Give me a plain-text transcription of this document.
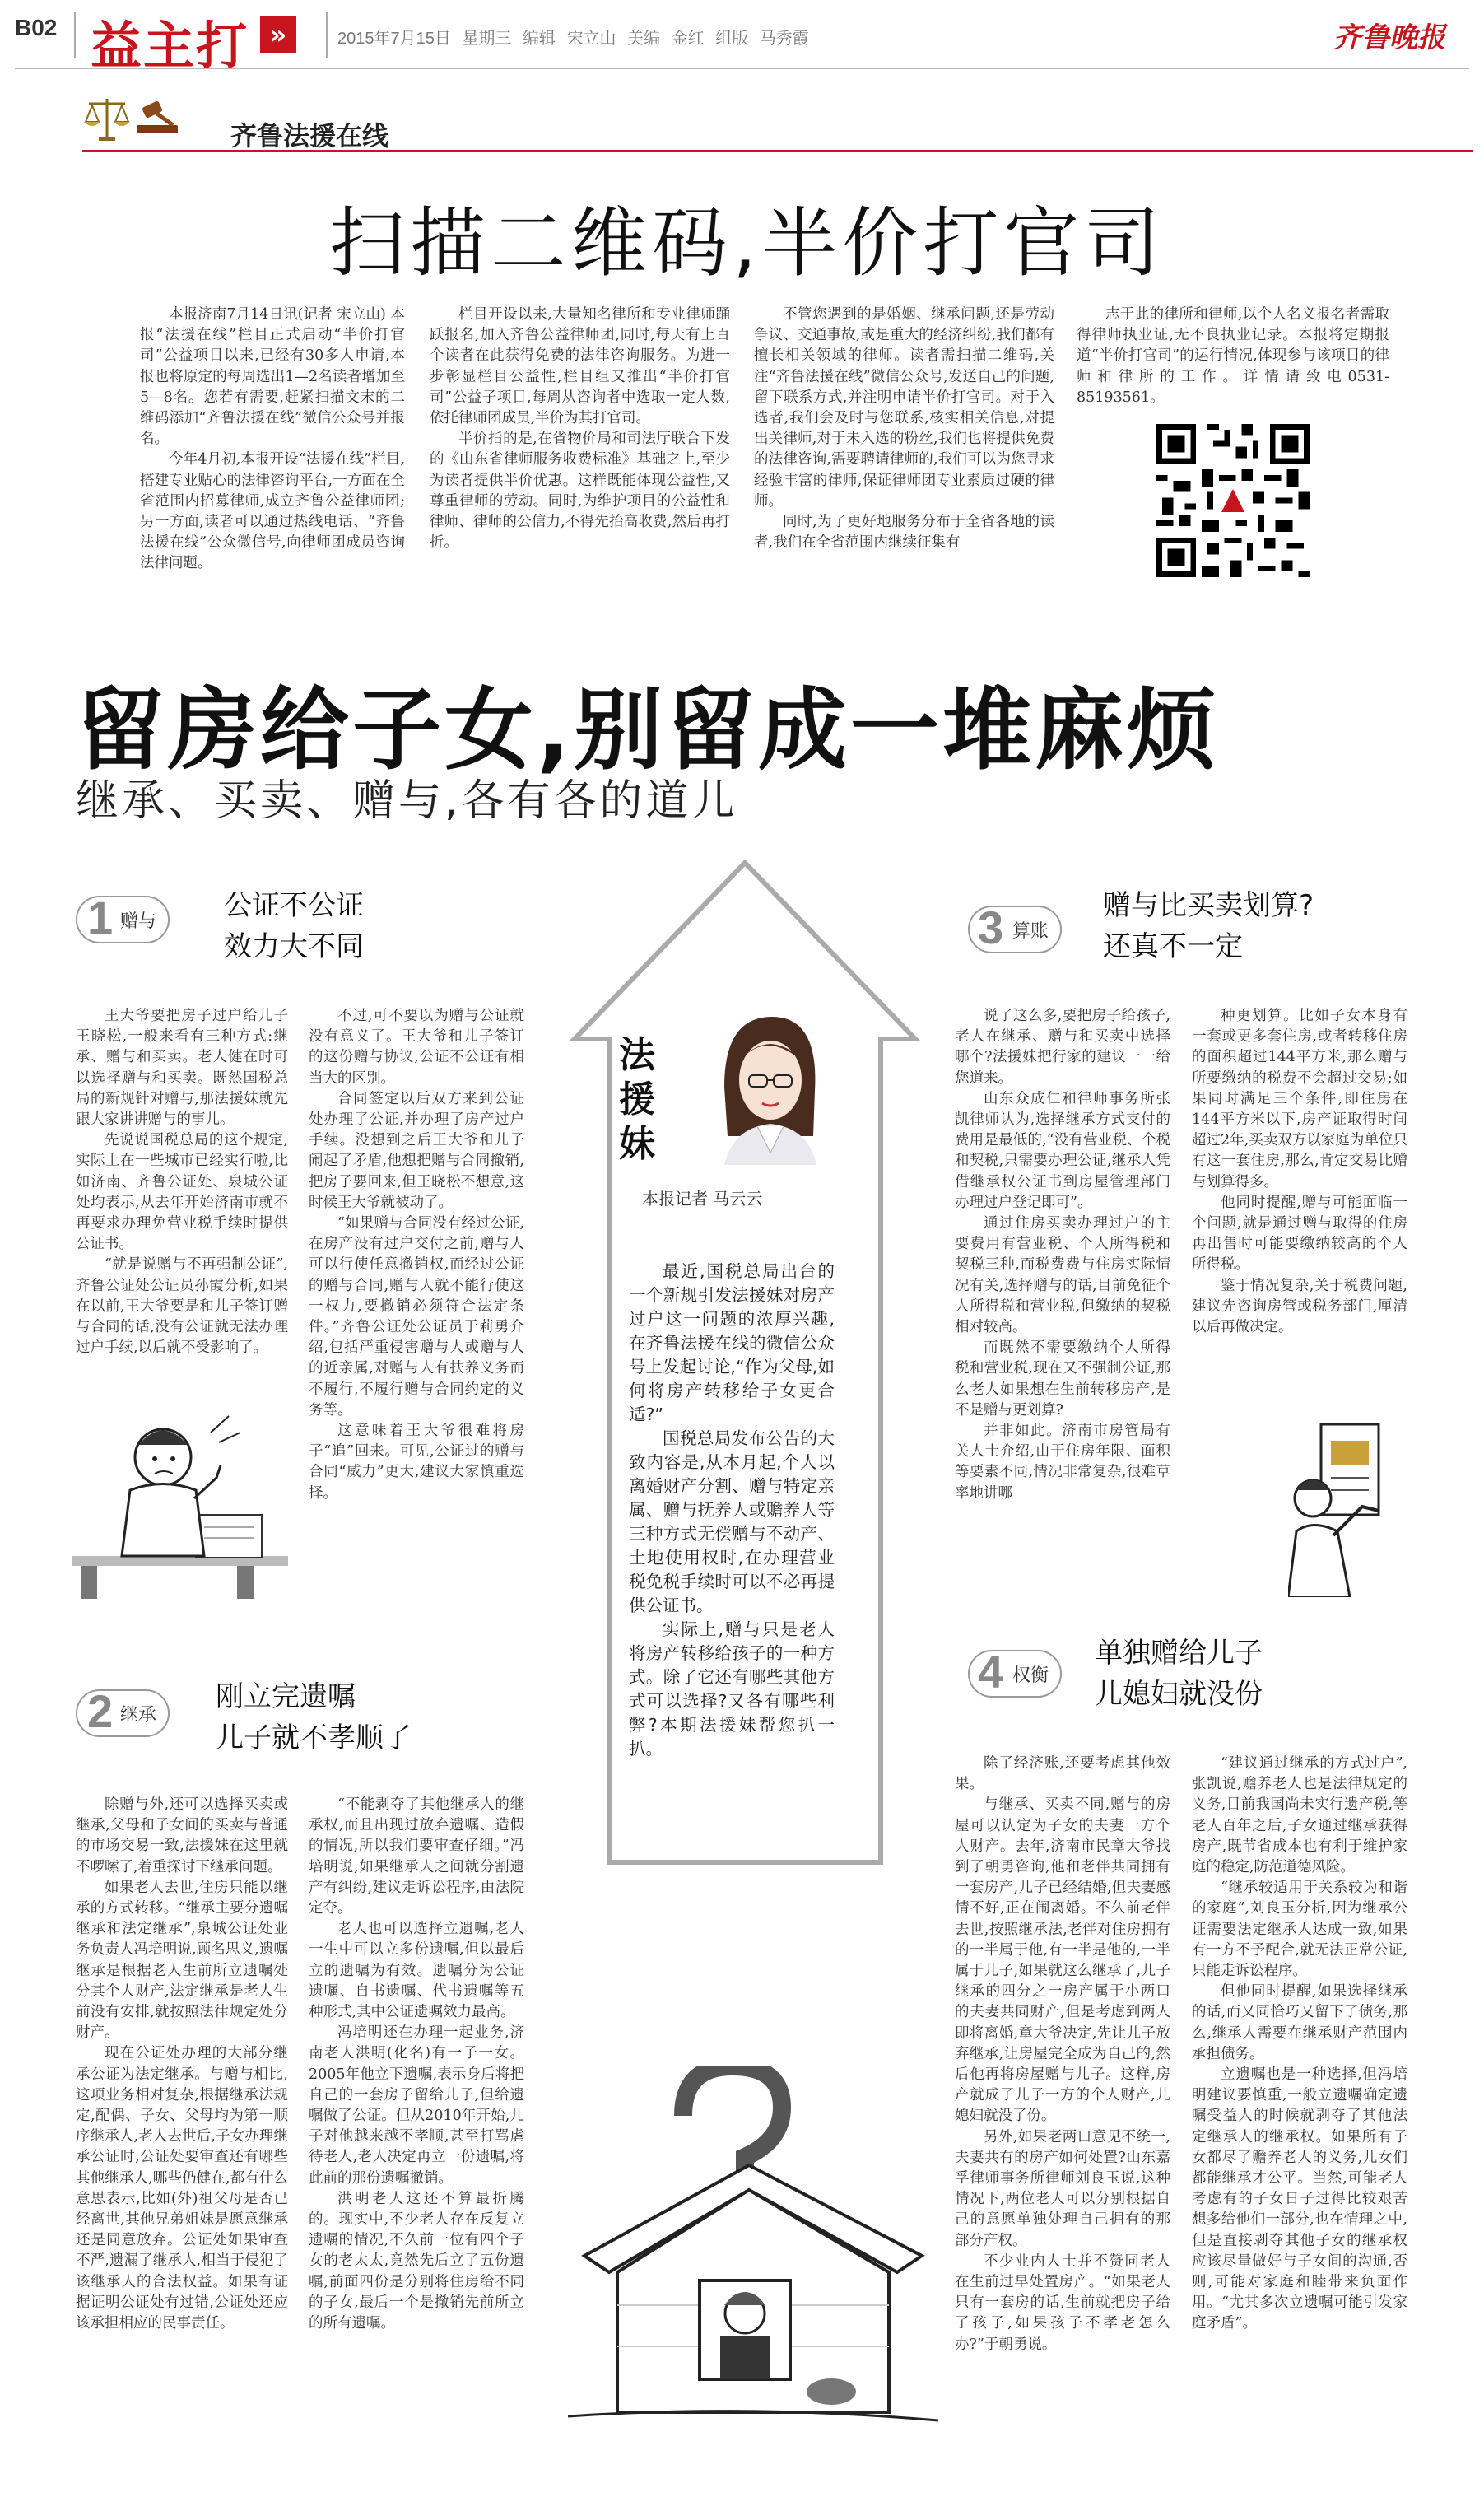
B02 益主打 »	2015年7月15日 星期三 编辑 宋立山 美编 金红 组版 马秀霞	齐鲁晚报
齐鲁法援在线
扫描二维码,半价打官司

本报济南7月14日讯(记者 宋立山) 本报“法援在线”栏目正式启动“半价打官司”公益项目以来,已经有30多人申请,本报也将原定的每周选出1—2名读者增加至5—8名。您若有需要,赶紧扫描文末的二维码添加“齐鲁法援在线”微信公众号并报名。

今年4月初,本报开设“法援在线”栏目,搭建专业贴心的法律咨询平台,一方面在全省范围内招募律师,成立齐鲁公益律师团;另一方面,读者可以通过热线电话、“齐鲁法援在线”公众微信号,向律师团成员咨询法律问题。

栏目开设以来,大量知名律所和专业律师踊跃报名,加入齐鲁公益律师团,同时,每天有上百个读者在此获得免费的法律咨询服务。为进一步彰显栏目公益性,栏目组又推出“半价打官司”公益子项目,每周从咨询者中选取一定人数,依托律师团成员,半价为其打官司。

半价指的是,在省物价局和司法厅联合下发的《山东省律师服务收费标准》基础之上,至少为读者提供半价优惠。这样既能体现公益性,又尊重律师的劳动。同时,为维护项目的公益性和律师、律师的公信力,不得先抬高收费,然后再打折。

不管您遇到的是婚姻、继承问题,还是劳动争议、交通事故,或是重大的经济纠纷,我们都有擅长相关领域的律师。读者需扫描二维码,关注“齐鲁法援在线”微信公众号,发送自己的问题,留下联系方式,并注明申请半价打官司。对于入选者,我们会及时与您联系,核实相关信息,对提出关律师,对于未入选的粉丝,我们也将提供免费的法律咨询,需要聘请律师的,我们可以为您寻求经验丰富的律师,保证律师团专业素质过硬的律师。

同时,为了更好地服务分布于全省各地的读者,我们在全省范围内继续征集有

志于此的律所和律师,以个人名义报名者需取得律师执业证,无不良执业记录。本报将定期报道“半价打官司”的运行情况,体现参与该项目的律师和律所的工作。详情请致电0531-85193561。

留房给子女,别留成一堆麻烦
继承、买卖、赠与,各有各的道儿
1 赠与 公证不公证
效力大不同

王大爷要把房子过户给儿子王晓松,一般来看有三种方式:继承、赠与和买卖。老人健在时可以选择赠与和买卖。既然国税总局的新规针对赠与,那法援妹就先跟大家讲讲赠与的事儿。

先说说国税总局的这个规定,实际上在一些城市已经实行啦,比如济南、齐鲁公证处、泉城公证处均表示,从去年开始济南市就不再要求办理免营业税手续时提供公证书。

“就是说赠与不再强制公证”,齐鲁公证处公证员孙霞分析,如果在以前,王大爷要是和儿子签订赠与合同的话,没有公证就无法办理过户手续,以后就不受影响了。

不过,可不要以为赠与公证就没有意义了。王大爷和儿子签订的这份赠与协议,公证不公证有相当大的区别。

合同签定以后双方来到公证处办理了公证,并办理了房产过户手续。没想到之后王大爷和儿子闹起了矛盾,他想把赠与合同撤销,把房子要回来,但王晓松不想意,这时候王大爷就被动了。

“如果赠与合同没有经过公证,在房产没有过户交付之前,赠与人可以行使任意撤销权,而经过公证的赠与合同,赠与人就不能行使这一权力,要撤销必须符合法定条件。”齐鲁公证处公证员于莉勇介绍,包括严重侵害赠与人或赠与人的近亲属,对赠与人有扶养义务而不履行,不履行赠与合同约定的义务等。

这意味着王大爷很难将房子“追”回来。可见,公证过的赠与合同“威力”更大,建议大家慎重选择。

2 继承
刚立完遗嘱
儿子就不孝顺了

除赠与外,还可以选择买卖或继承,父母和子女间的买卖与普通的市场交易一致,法援妹在这里就不啰嗦了,着重探讨下继承问题。

如果老人去世,住房只能以继承的方式转移。“继承主要分遗嘱继承和法定继承”,泉城公证处业务负责人冯培明说,顾名思义,遗嘱继承是根据老人生前所立遗嘱处分其个人财产,法定继承是老人生前没有安排,就按照法律规定处分财产。

现在公证处办理的大部分继承公证为法定继承。与赠与相比,这项业务相对复杂,根据继承法规定,配偶、子女、父母均为第一顺序继承人,老人去世后,子女办理继承公证时,公证处要审查还有哪些其他继承人,哪些仍健在,都有什么意思表示,比如(外)祖父母是否已经离世,其他兄弟姐妹是愿意继承还是同意放弃。公证处如果审查不严,遗漏了继承人,相当于侵犯了该继承人的合法权益。如果有证据证明公证处有过错,公证处还应该承担相应的民事责任。

“不能剥夺了其他继承人的继承权,而且出现过放弃遗嘱、造假的情况,所以我们要审查仔细。”冯培明说,如果继承人之间就分割遗产有纠纷,建议走诉讼程序,由法院定夺。

老人也可以选择立遗嘱,老人一生中可以立多份遗嘱,但以最后立的遗嘱为有效。遗嘱分为公证遗嘱、自书遗嘱、代书遗嘱等五种形式,其中公证遗嘱效力最高。

冯培明还在办理一起业务,济南老人洪明(化名)有一子一女。2005年他立下遗嘱,表示身后将把自己的一套房子留给儿子,但给遗嘱做了公证。但从2010年开始,儿子对他越来越不孝顺,甚至打骂虐待老人,老人决定再立一份遗嘱,将此前的那份遗嘱撤销。

洪明老人这还不算最折腾的。现实中,不少老人存在反复立遗嘱的情况,不久前一位有四个子女的老太太,竟然先后立了五份遗嘱,前面四份是分别将住房给不同的子女,最后一个是撤销先前所立的所有遗嘱。

法援妹
本报记者 马云云

最近,国税总局出台的一个新规引发法援妹对房产过户这一问题的浓厚兴趣,在齐鲁法援在线的微信公众号上发起讨论,“作为父母,如何将房产转移给子女更合适?”

国税总局发布公告的大致内容是,从本月起,个人以离婚财产分割、赠与特定亲属、赠与抚养人或赡养人等三种方式无偿赠与不动产、土地使用权时,在办理营业税免税手续时可以不必再提供公证书。

实际上,赠与只是老人将房产转移给孩子的一种方式。除了它还有哪些其他方式可以选择?又各有哪些利弊?本期法援妹帮您扒一扒。

3 算账
赠与比买卖划算?
还真不一定

说了这么多,要把房子给孩子,老人在继承、赠与和买卖中选择哪个?法援妹把行家的建议一一给您道来。

山东众成仁和律师事务所张凯律师认为,选择继承方式支付的费用是最低的,“没有营业税、个税和契税,只需要办理公证,继承人凭借继承权公证书到房屋管理部门办理过户登记即可”。

通过住房买卖办理过户的主要费用有营业税、个人所得税和契税三种,而税费费与住房实际情况有关,选择赠与的话,目前免征个人所得税和营业税,但缴纳的契税相对较高。

而既然不需要缴纳个人所得税和营业税,现在又不强制公证,那么老人如果想在生前转移房产,是不是赠与更划算?

并非如此。济南市房管局有关人士介绍,由于住房年限、面积等要素不同,情况非常复杂,很难草率地讲哪

种更划算。比如子女本身有一套或更多套住房,或者转移住房的面积超过144平方米,那么赠与所要缴纳的税费不会超过交易;如果同时满足三个条件,即住房在144平方米以下,房产证取得时间超过2年,买卖双方以家庭为单位只有这一套住房,那么,肯定交易比赠与划算得多。

他同时提醒,赠与可能面临一个问题,就是通过赠与取得的住房再出售时可能要缴纳较高的个人所得税。

鉴于情况复杂,关于税费问题,建议先咨询房管或税务部门,厘清以后再做决定。

4 权衡
单独赠给儿子
儿媳妇就没份

除了经济账,还要考虑其他效果。

与继承、买卖不同,赠与的房屋可以认定为子女的夫妻一方个人财产。去年,济南市民章大爷找到了朝勇咨询,他和老伴共同拥有一套房产,儿子已经结婚,但夫妻感情不好,正在闹离婚。不久前老伴去世,按照继承法,老伴对住房拥有的一半属于他,有一半是他的,一半属于儿子,如果就这么继承了,儿子继承的四分之一房产属于小两口的夫妻共同财产,但是考虑到两人即将离婚,章大爷决定,先让儿子放弃继承,让房屋完全成为自己的,然后他再将房屋赠与儿子。这样,房产就成了儿子一方的个人财产,儿媳妇就没了份。

另外,如果老两口意见不统一,夫妻共有的房产如何处置?山东嘉孚律师事务所律师刘良玉说,这种情况下,两位老人可以分别根据自己的意愿单独处理自己拥有的那部分产权。

不少业内人士并不赞同老人在生前过早处置房产。“如果老人只有一套房的话,生前就把房子给了孩子,如果孩子不孝老怎么办?”于朝勇说。

“建议通过继承的方式过户”,张凯说,赡养老人也是法律规定的义务,目前我国尚未实行遗产税,等老人百年之后,子女通过继承获得房产,既节省成本也有利于维护家庭的稳定,防范道德风险。

“继承较适用于关系较为和谐的家庭”,刘良玉分析,因为继承公证需要法定继承人达成一致,如果有一方不予配合,就无法正常公证,只能走诉讼程序。

但他同时提醒,如果选择继承的话,而又同恰巧又留下了债务,那么,继承人需要在继承财产范围内承担债务。

立遗嘱也是一种选择,但冯培明建议要慎重,一般立遗嘱确定遗嘱受益人的时候就剥夺了其他法定继承人的继承权。如果所有子女都尽了赡养老人的义务,儿女们都能继承才公平。当然,可能老人考虑有的子女日子过得比较艰苦想多给他们一部分,也在情理之中,但是直接剥夺其他子女的继承权应该尽量做好与子女间的沟通,否则,可能对家庭和睦带来负面作用。“尤其多次立遗嘱可能引发家庭矛盾”。
